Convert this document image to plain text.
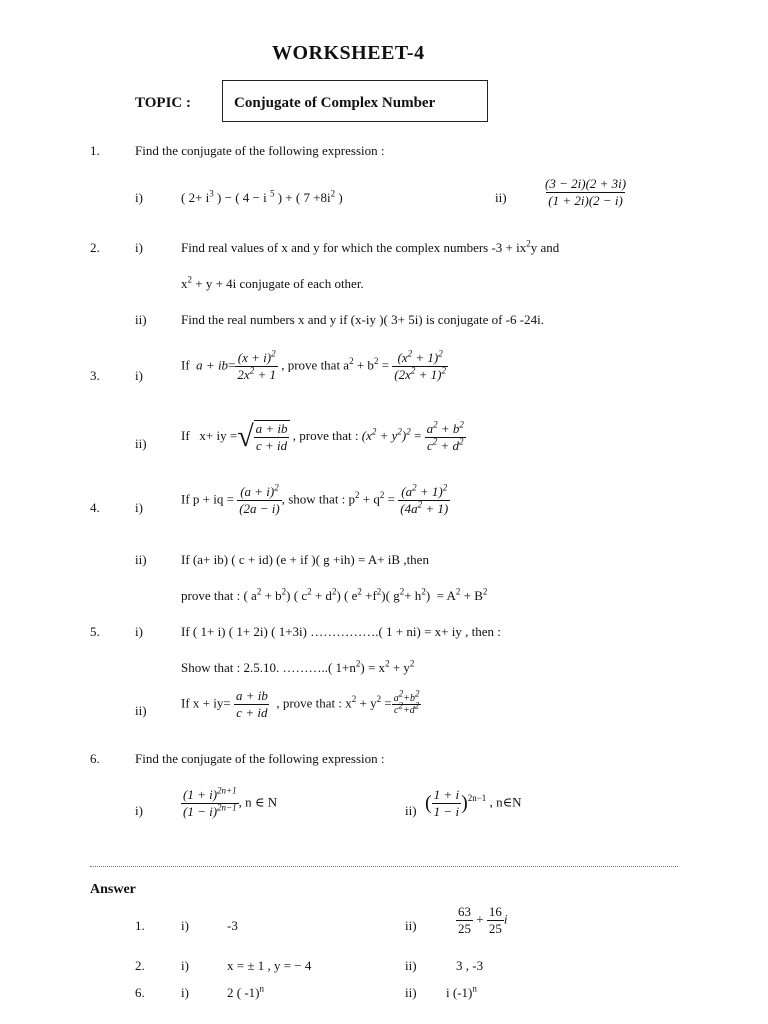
WORKSHEET-4
TOPIC :	Conjugate of Complex Number
1.	Find the conjugate of the following expression :
i)	( $2+ i^3$ ) − ( 4 − i $^5$ ) + ( $7 +8i^2$ )	ii)	$\frac{(3 - 2i)(2 + 3i)}{(1 + 2i)(2 - i)}$
2.	i)	Find real values of x and y for which the complex numbers $-3 + ix^2y$ and
$x^2 + y + 4i$ conjugate of each other.
ii)	Find the real numbers x and y if (x-iy )( 3+ 5i) is conjugate of -6 -24i.
3.	i)
If $a + ib= \frac{(x + i)^2}{2x^2 + 1}$ , prove that $a^2 + b^2 = \frac{(x^2 + 1)^2}{(2x^2 + 1)^2}$
ii)
If   x+ iy = √ $\frac{a + ib}{c + id}$ , prove that : $(x^2 + y^2)^2 = \frac{a^2 + b^2}{c^2 + d^2}$
4.	i)
If p + iq = $\frac{(a + i)^2}{(2a - i)}$ , show that : $p^2 + q^2 = \frac{(a^2 + 1)^2}{(4a^2 + 1)}$
ii)	If (a+ ib) ( c + id) (e + if )( g +ih) = A+ iB ,then
prove that : ( $a^2 + b^2$) ( $c^2 + d^2$) ( $e^2 +f^2$)( $g^2+ h^2) = A^2 + B^2$
5.	i)	If ( 1+ i) ( 1+ 2i) ( 1+3i) …………….( 1 + ni) = x+ iy , then :
Show that : 2.5.10. ………..( $1+n^2) = x^2 + y^2$
ii)
If $x + iy= \frac{a + ib}{c + id}$ , prove that : $x^2 + y^2 = \frac{a^2+b^2}{c^2+d^2}$
6.	Find the conjugate of the following expression :
i)	$\frac{(1 + i)^{2n+1}}{(1 - i)^{2n-1}}$ , n ∈ N
ii) ( $\frac{1 + i}{1 - i} )^{2n-1}$ , n∈N
Answer
1.	i)	-3	ii)	$\frac{63}{25} + \frac{16}{25}$ i
2.	i)	x = ± 1 , y = − 4	ii)	3 , -3
6.	i)	2 ( -1)$^n$	ii) i $(-1)^n$
